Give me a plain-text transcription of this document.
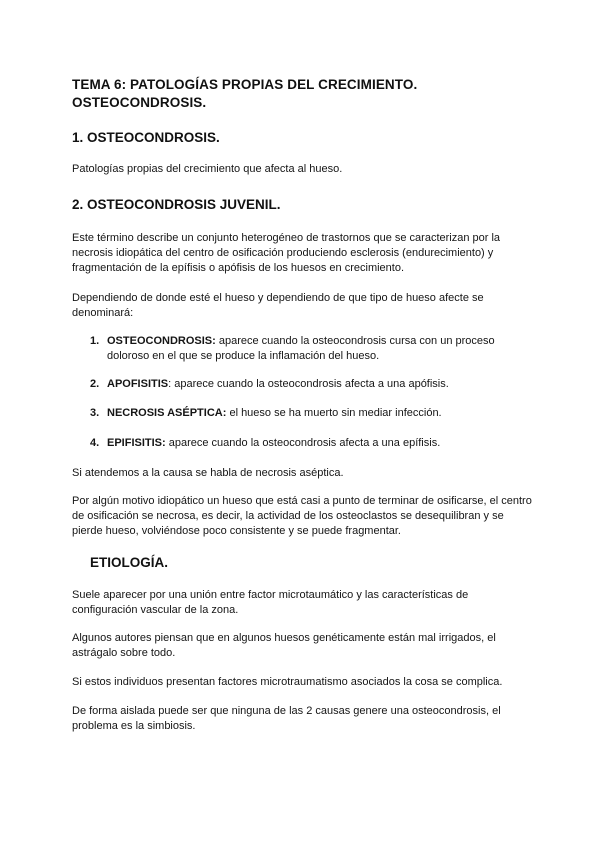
TEMA 6: PATOLOGÍAS PROPIAS DEL CRECIMIENTO.
OSTEOCONDROSIS.
1. OSTEOCONDROSIS.
Patologías propias del crecimiento que afecta al hueso.
2. OSTEOCONDROSIS JUVENIL.
Este término describe un conjunto heterogéneo de trastornos que se caracterizan por la necrosis idiopática del centro de osificación produciendo esclerosis (endurecimiento) y fragmentación de la epífisis o apófisis de los huesos en crecimiento.
Dependiendo de donde esté el hueso y dependiendo de que tipo de hueso afecte se denominará:
1. OSTEOCONDROSIS: aparece cuando la osteocondrosis cursa con un proceso doloroso en el que se produce la inflamación del hueso.
2. APOFISITIS: aparece cuando la osteocondrosis afecta a una apófisis.
3. NECROSIS ASÉPTICA: el hueso se ha muerto sin mediar infección.
4. EPIFISITIS: aparece cuando la osteocondrosis afecta a una epífisis.
Si atendemos a la causa se habla de necrosis aséptica.
Por algún motivo idiopático un hueso que está casi a punto de terminar de osificarse, el centro de osificación se necrosa, es decir, la actividad de los osteoclastos se desequilibran y se pierde hueso, volviéndose poco consistente y se puede fragmentar.
ETIOLOGÍA.
Suele aparecer por una unión entre factor microtaumático y las características de configuración vascular de la zona.
Algunos autores piensan que en algunos huesos genéticamente están mal irrigados, el astrágalo sobre todo.
Si estos individuos presentan factores microtraumatismo asociados la cosa se complica.
De forma aislada puede ser que ninguna de las 2 causas genere una osteocondrosis, el problema es la simbiosis.
